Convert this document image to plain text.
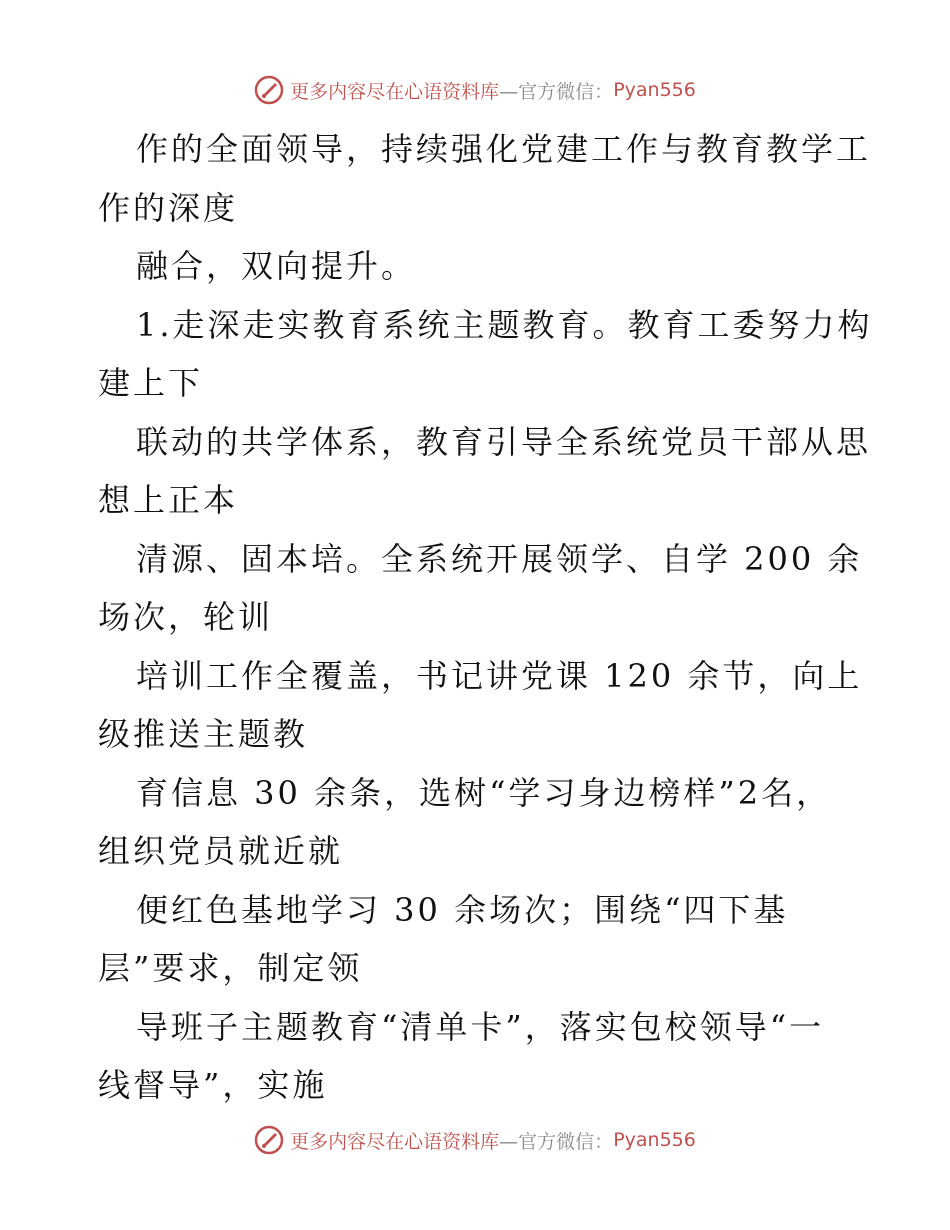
更多内容尽在心语资料库 —官方微信： Pyan556

作的全面领导，持续强化党建工作与教育教学工
作的深度

融合，双向提升。

1.走深走实教育系统主题教育。教育工委努力构
建上下

联动的共学体系，教育引导全系统党员干部从思
想上正本

清源、固本培。全系统开展领学、自学 200 余
场次，轮训

培训工作全覆盖，书记讲党课 120 余节，向上
级推送主题教

育信息 30 余条，选树“学习身边榜样”2名，
组织党员就近就

便红色基地学习 30 余场次；围绕“四下基
层”要求，制定领

导班子主题教育“清单卡”，落实包校领导“一
线督导”，实施

更多内容尽在心语资料库 —官方微信： Pyan556
